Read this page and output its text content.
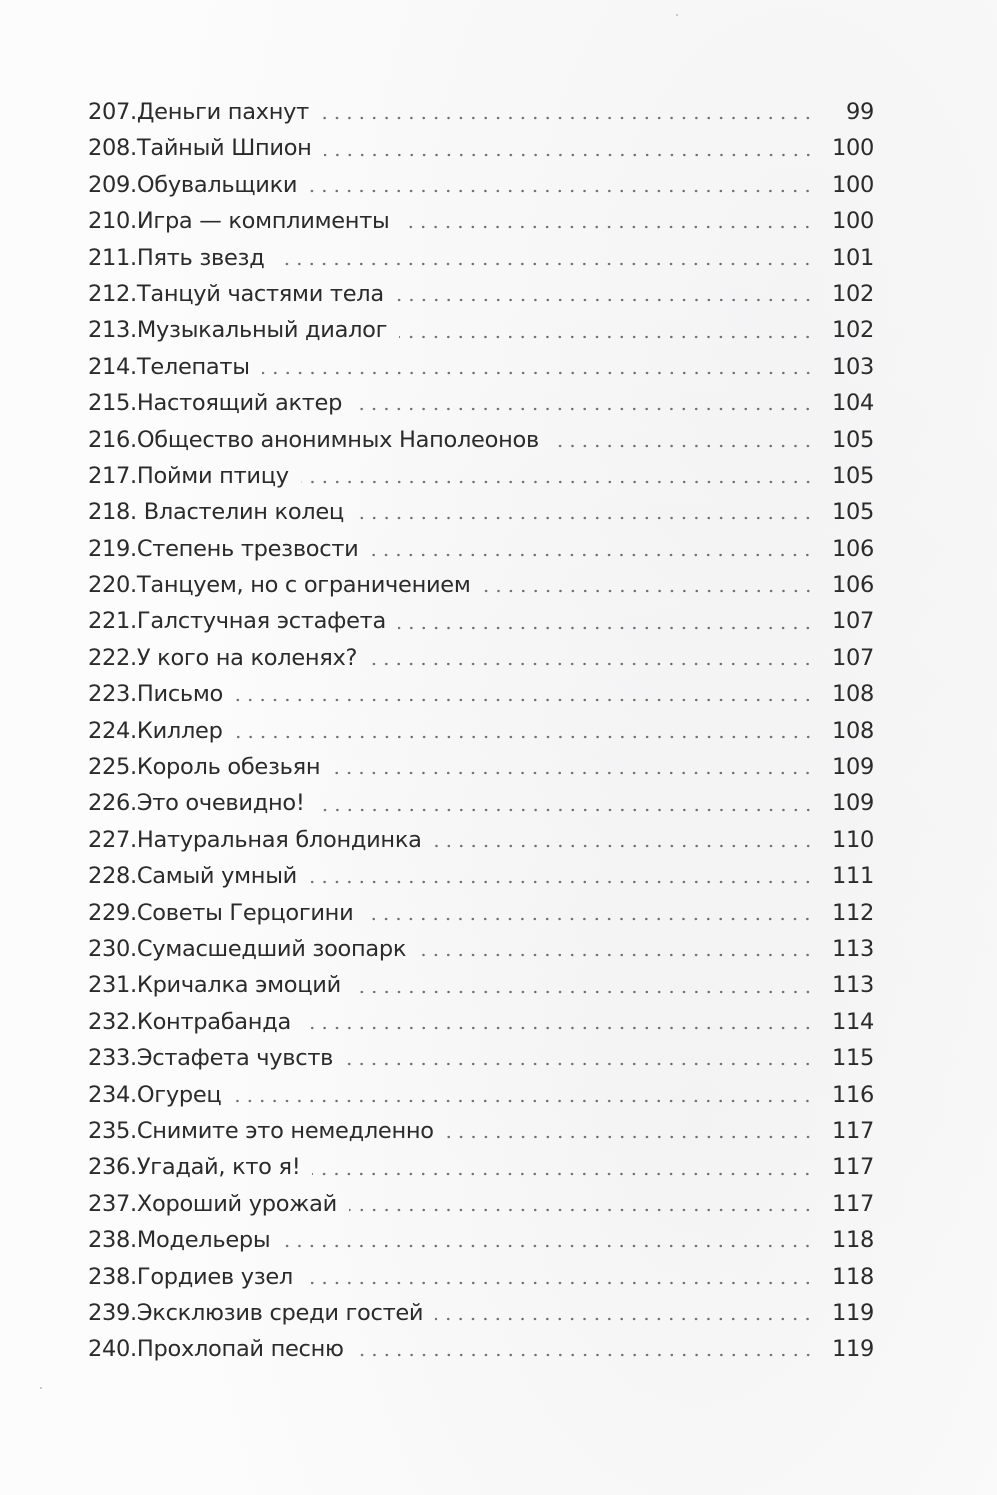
207.Деньги пахнут	99
208.Тайный Шпион	100
209.Обувальщики	100
210.Игра — комплименты	100
211.Пять звезд	101
212.Танцуй частями тела	102
213.Музыкальный диалог	102
214.Телепаты	103
215.Настоящий актер	104
216.Общество анонимных Наполеонов	105
217.Пойми птицу	105
218. Властелин колец	105
219.Степень трезвости	106
220.Танцуем, но с ограничением	106
221.Галстучная эстафета	107
222.У кого на коленях?	107
223.Письмо	108
224.Киллер	108
225.Король обезьян	109
226.Это очевидно!	109
227.Натуральная блондинка	110
228.Самый умный	111
229.Советы Герцогини	112
230.Сумасшедший зоопарк	113
231.Кричалка эмоций	113
232.Контрабанда	114
233.Эстафета чувств	115
234.Огурец	116
235.Снимите это немедленно	117
236.Угадай, кто я!	117
237.Хороший урожай	117
238.Модельеры	118
238.Гордиев узел	118
239.Эксклюзив среди гостей	119
240.Прохлопай песню	119
